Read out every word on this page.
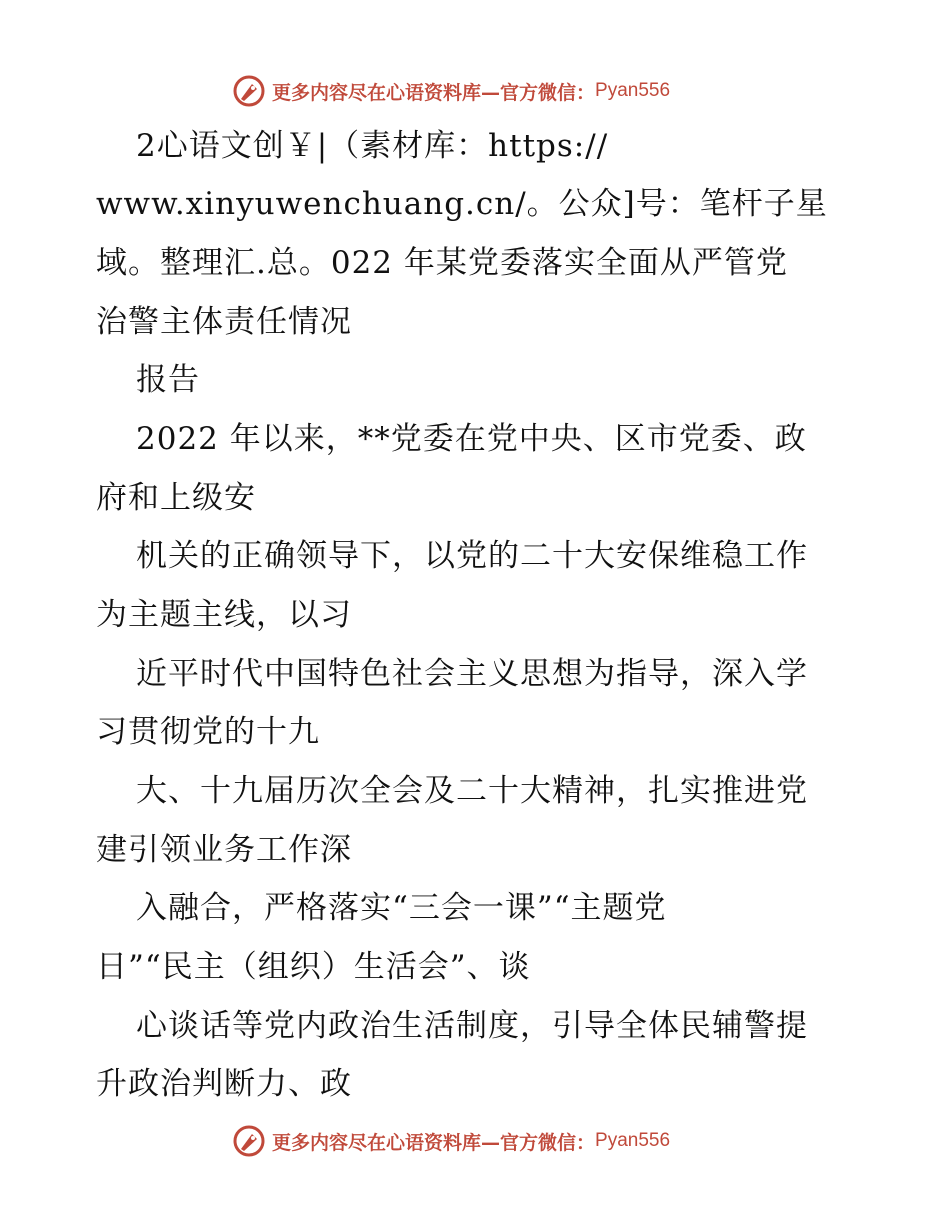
更多内容尽在心语资料库—官方微信： Pyan556
2心语文创￥|（素材库：https://
www.xinyuwenchuang.cn/。公众]号：笔杆子星
域。整理汇.总。022 年某党委落实全面从严管党
治警主体责任情况
报告
2022 年以来，**党委在党中央、区市党委、政
府和上级安
机关的正确领导下，以党的二十大安保维稳工作
为主题主线，以习
近平时代中国特色社会主义思想为指导，深入学
习贯彻党的十九
大、十九届历次全会及二十大精神，扎实推进党
建引领业务工作深
入融合，严格落实“三会一课”“主题党
日”“民主（组织）生活会”、谈
心谈话等党内政治生活制度，引导全体民辅警提
升政治判断力、政
更多内容尽在心语资料库—官方微信： Pyan556
